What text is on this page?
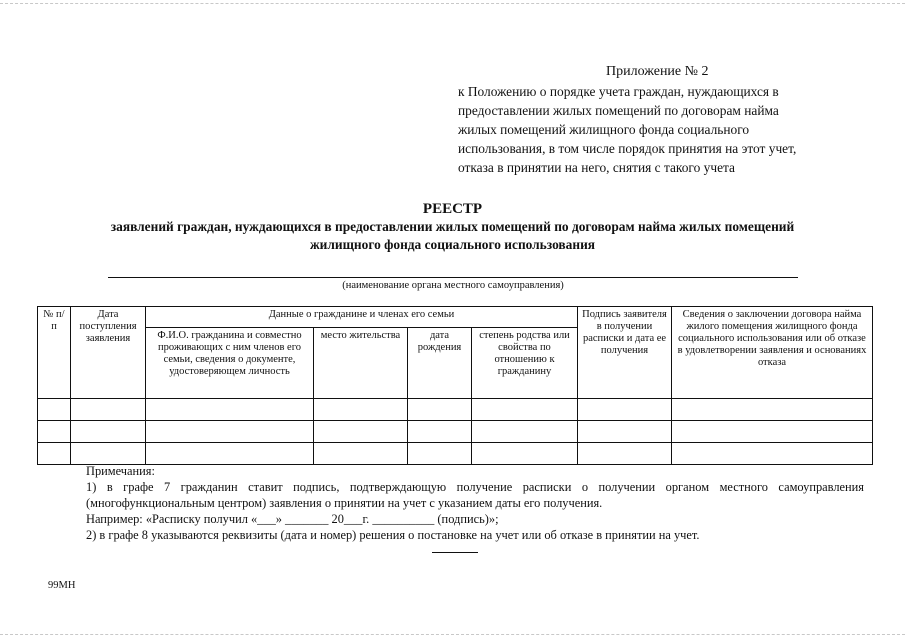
Приложение № 2
к Положению о порядке учета граждан, нуждающихся в
предоставлении жилых помещений по договорам найма
жилых помещений жилищного фонда социального
использования, в том числе порядок принятия на этот учет,
отказа в принятии на него, снятия с такого учета
РЕЕСТР
заявлений граждан, нуждающихся в предоставлении жилых помещений по договорам найма жилых помещений
жилищного фонда социального использования
(наименование органа местного самоуправления)
№ п/п	Дата поступления заявления	Данные о гражданине и членах его семьи				Подпись заявителя в получении расписки и дата ее получения	Сведения о заключении договора найма жилого помещения жилищного фонда социального использования или об отказе в удовлетворении заявления и основаниях отказа
		Ф.И.О. гражданина и совместно проживающих с ним членов его семьи, сведения о документе, удостоверяющем личность	место жительства	дата рождения	степень родства или свойства по отношению к гражданину		

Примечания:
1) в графе 7 гражданин ставит подпись, подтверждающую получение расписки о получении органом местного самоуправления (многофункциональным центром) заявления о принятии на учет с указанием даты его получения.
Например: «Расписку получил «___» _______ 20___г. __________ (подпись)»;
2) в графе 8 указываются реквизиты (дата и номер) решения о постановке на учет или об отказе в принятии на учет.
99МН
